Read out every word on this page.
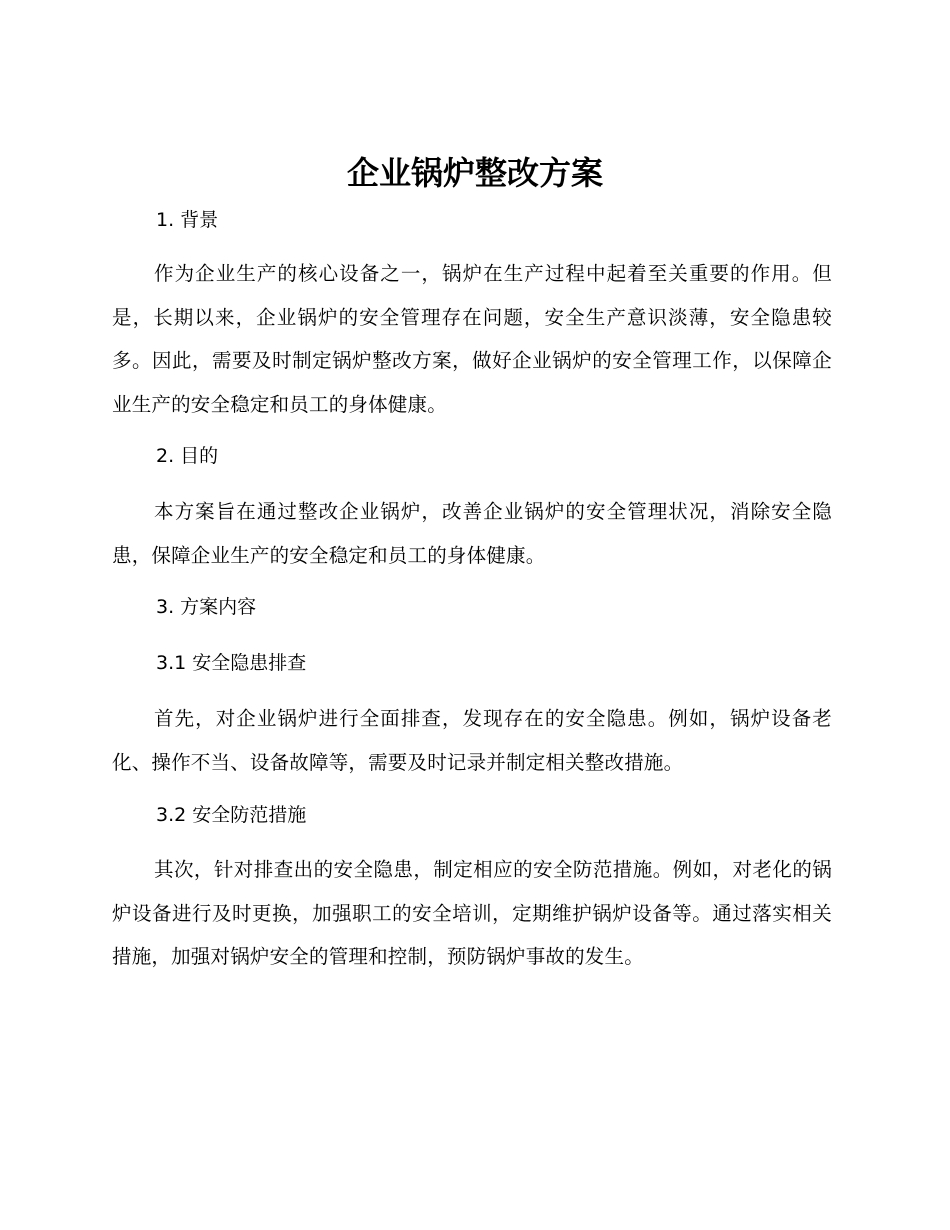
企业锅炉整改方案
1. 背景

作为企业生产的核心设备之一，锅炉在生产过程中起着至关重要的作用。但是，长期以来，企业锅炉的安全管理存在问题，安全生产意识淡薄，安全隐患较多。因此，需要及时制定锅炉整改方案，做好企业锅炉的安全管理工作，以保障企业生产的安全稳定和员工的身体健康。

2. 目的

本方案旨在通过整改企业锅炉，改善企业锅炉的安全管理状况，消除安全隐患，保障企业生产的安全稳定和员工的身体健康。

3. 方案内容
3.1 安全隐患排查

首先，对企业锅炉进行全面排查，发现存在的安全隐患。例如，锅炉设备老化、操作不当、设备故障等，需要及时记录并制定相关整改措施。

3.2 安全防范措施

其次，针对排查出的安全隐患，制定相应的安全防范措施。例如，对老化的锅炉设备进行及时更换，加强职工的安全培训，定期维护锅炉设备等。通过落实相关措施，加强对锅炉安全的管理和控制，预防锅炉事故的发生。
